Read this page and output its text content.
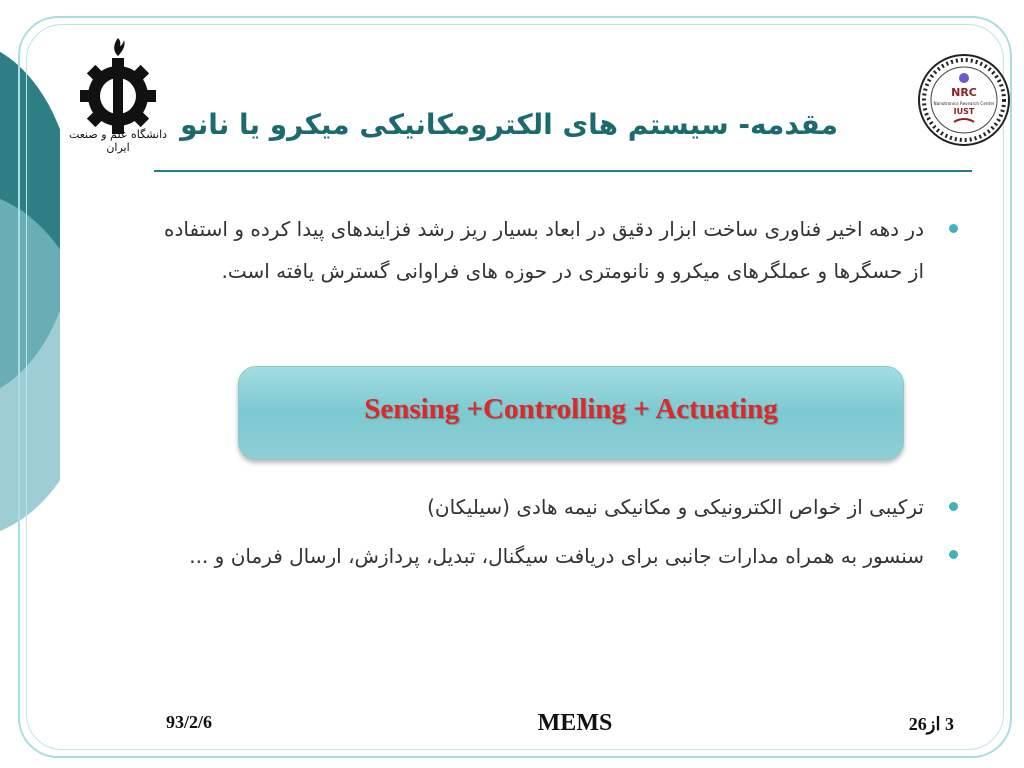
دانشگاه علم و صنعت ایران
NRC
Nanotronics Research Center
IUST
مقدمه- سیستم های الکترومکانیکی میکرو یا نانو
در دهه اخیر فناوری ساخت ابزار دقیق در ابعاد بسیار ریز رشد فزایندهای پیدا کرده و استفاده از حسگرها و عملگرهای میکرو و نانومتری در حوزه های فراوانی گسترش یافته است.
Sensing +Controlling + Actuating
ترکیبی از خواص الکترونیکی و مکانیکی نیمه هادی (سیلیکان)
سنسور به همراه مدارات جانبی برای دریافت سیگنال، تبدیل، پردازش، ارسال فرمان و ...
93/2/6	MEMS	3 از26
